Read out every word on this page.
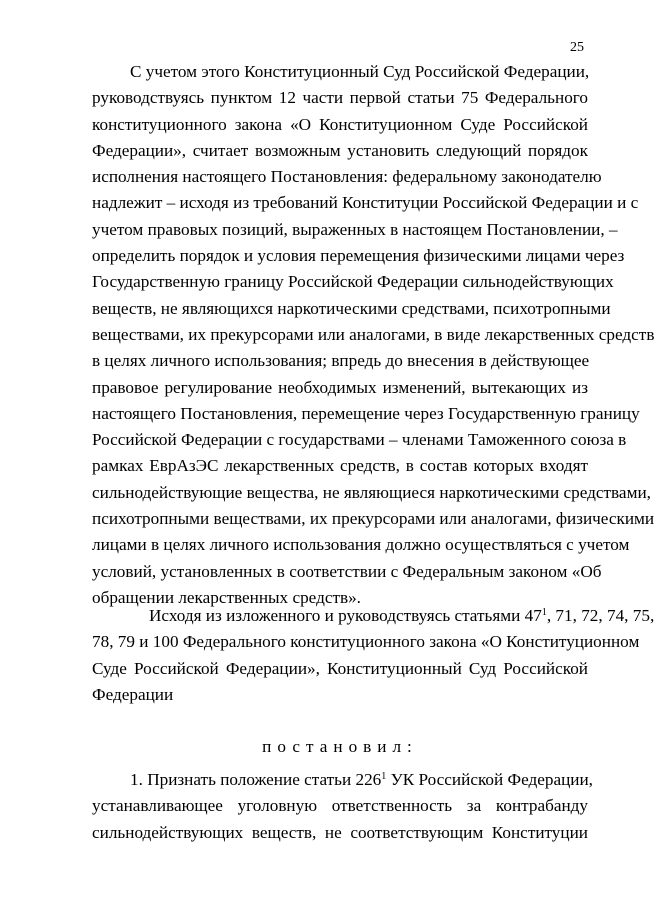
25
С учетом этого Конституционный Суд Российской Федерации,
руководствуясь пунктом 12 части первой статьи 75 Федерального
конституционного закона «О Конституционном Суде Российской
Федерации», считает возможным установить следующий порядок
исполнения настоящего Постановления: федеральному законодателю
надлежит – исходя из требований Конституции Российской Федерации и с
учетом правовых позиций, выраженных в настоящем Постановлении, –
определить порядок и условия перемещения физическими лицами через
Государственную границу Российской Федерации сильнодействующих
веществ, не являющихся наркотическими средствами, психотропными
веществами, их прекурсорами или аналогами, в виде лекарственных средств
в целях личного использования; впредь до внесения в действующее
правовое регулирование необходимых изменений, вытекающих из
настоящего Постановления, перемещение через Государственную границу
Российской Федерации с государствами – членами Таможенного союза в
рамках ЕврАзЭС лекарственных средств, в состав которых входят
сильнодействующие вещества, не являющиеся наркотическими средствами,
психотропными веществами, их прекурсорами или аналогами, физическими
лицами в целях личного использования должно осуществляться с учетом
условий, установленных в соответствии с Федеральным законом «Об
обращении лекарственных средств».
Исходя из изложенного и руководствуясь статьями $47^1$, 71, 72, 74, 75,
78, 79 и 100 Федерального конституционного закона «О Конституционном
Суде Российской Федерации», Конституционный Суд Российской
Федерации
постановил:
1. Признать положение статьи $226^1$ УК Российской Федерации,
устанавливающее уголовную ответственность за контрабанду
сильнодействующих веществ, не соответствующим Конституции
